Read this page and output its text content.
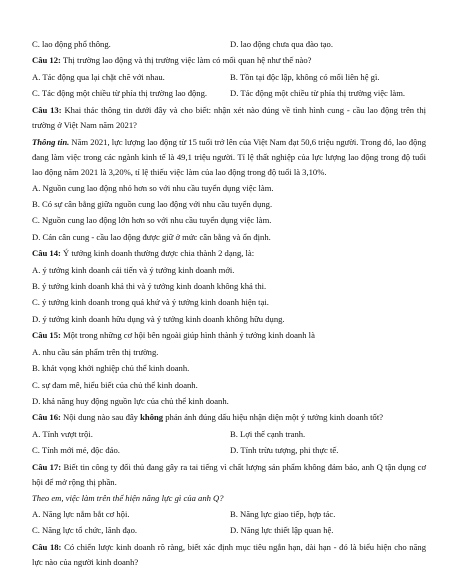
C. lao động phổ thông.	D. lao động chưa qua đào tạo.
Câu 12: Thị trường lao động và thị trường việc làm có mối quan hệ như thế nào?
A. Tác động qua lại chặt chẽ với nhau.	B. Tồn tại độc lập, không có mối liên hệ gì.
C. Tác động một chiều từ phía thị trường lao động.	D. Tác động một chiều từ phía thị trường việc làm.
Câu 13: Khai thác thông tin dưới đây và cho biết: nhận xét nào đúng về tình hình cung - cầu lao động trên thị trường ở Việt Nam năm 2021?
Thông tin. Năm 2021, lực lượng lao động từ 15 tuổi trở lên của Việt Nam đạt 50,6 triệu người. Trong đó, lao động đang làm việc trong các ngành kinh tế là 49,1 triệu người. Tỉ lệ thất nghiệp của lực lượng lao động trong độ tuổi lao động năm 2021 là 3,20%, tỉ lệ thiếu việc làm của lao động trong độ tuổi là 3,10%.
A. Nguồn cung lao động nhỏ hơn so với nhu cầu tuyển dụng việc làm.
B. Có sự cân bằng giữa nguồn cung lao động với nhu cầu tuyển dụng.
C. Nguồn cung lao động lớn hơn so với nhu cầu tuyển dụng việc làm.
D. Cán cân cung - cầu lao động được giữ ở mức cân bằng và ổn định.
Câu 14: Ý tưởng kinh doanh thường được chia thành 2 dạng, là:
A. ý tưởng kinh doanh cải tiến và ý tưởng kinh doanh mới.
B. ý tưởng kinh doanh khả thi và ý tưởng kinh doanh không khả thi.
C. ý tưởng kinh doanh trong quá khứ và ý tưởng kinh doanh hiện tại.
D. ý tưởng kinh doanh hữu dụng và ý tưởng kinh doanh không hữu dụng.
Câu 15: Một trong những cơ hội bên ngoài giúp hình thành ý tưởng kinh doanh là
A. nhu cầu sản phẩm trên thị trường.
B. khát vọng khởi nghiệp chủ thể kinh doanh.
C. sự đam mê, hiểu biết của chủ thể kinh doanh.
D. khả năng huy động nguồn lực của chủ thể kinh doanh.
Câu 16: Nội dung nào sau đây không phản ánh đúng dấu hiệu nhận diện một ý tưởng kinh doanh tốt?
A. Tính vượt trội.	B. Lợi thế cạnh tranh.
C. Tính mới mẻ, độc đáo.	D. Tính trừu tượng, phi thực tế.
Câu 17: Biết tin công ty đối thủ đang gây ra tai tiếng vì chất lượng sản phẩm không đảm bảo, anh Q tận dụng cơ hội để mở rộng thị phần.
Theo em, việc làm trên thể hiện năng lực gì của anh Q?
A. Năng lực nắm bắt cơ hội.	B. Năng lực giao tiếp, hợp tác.
C. Năng lực tổ chức, lãnh đạo.	D. Năng lực thiết lập quan hệ.
Câu 18: Có chiến lược kinh doanh rõ ràng, biết xác định mục tiêu ngắn hạn, dài hạn - đó là biểu hiện cho năng lực nào của người kinh doanh?
